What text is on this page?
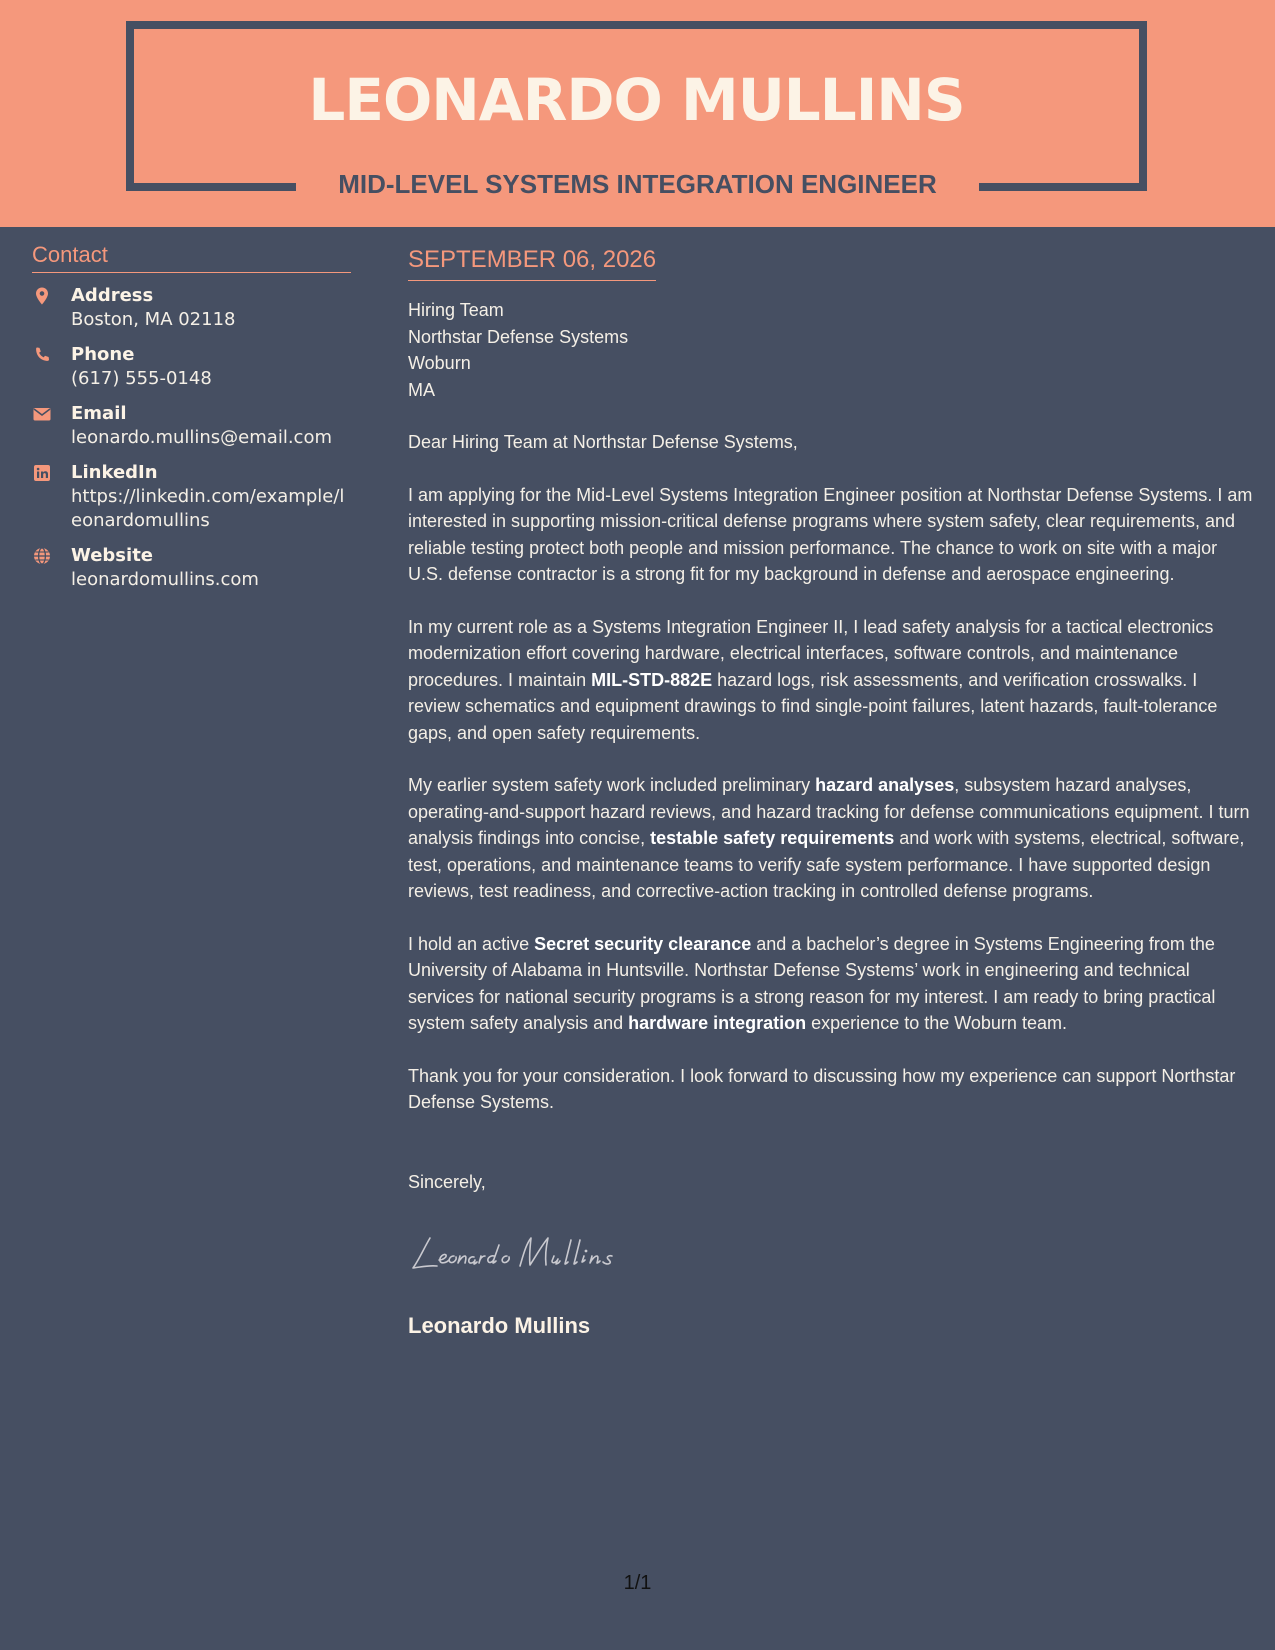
LEONARDO MULLINS
MID-LEVEL SYSTEMS INTEGRATION ENGINEER
Contact
Address
Boston, MA 02118
Phone
(617) 555-0148
Email
leonardo.mullins@email.com
LinkedIn
https://linkedin.com/example/leonardomullins
Website
leonardomullins.com
SEPTEMBER 06, 2026
Hiring Team
Northstar Defense Systems
Woburn
MA

Dear Hiring Team at Northstar Defense Systems,

I am applying for the Mid-Level Systems Integration Engineer position at Northstar Defense Systems. I am interested in supporting mission-critical defense programs where system safety, clear requirements, and reliable testing protect both people and mission performance. The chance to work on site with a major U.S. defense contractor is a strong fit for my background in defense and aerospace engineering.

In my current role as a Systems Integration Engineer II, I lead safety analysis for a tactical electronics modernization effort covering hardware, electrical interfaces, software controls, and maintenance procedures. I maintain MIL-STD-882E hazard logs, risk assessments, and verification crosswalks. I review schematics and equipment drawings to find single-point failures, latent hazards, fault-tolerance gaps, and open safety requirements.

My earlier system safety work included preliminary hazard analyses, subsystem hazard analyses, operating-and-support hazard reviews, and hazard tracking for defense communications equipment. I turn analysis findings into concise, testable safety requirements and work with systems, electrical, software, test, operations, and maintenance teams to verify safe system performance. I have supported design reviews, test readiness, and corrective-action tracking in controlled defense programs.

I hold an active Secret security clearance and a bachelor’s degree in Systems Engineering from the University of Alabama in Huntsville. Northstar Defense Systems’ work in engineering and technical services for national security programs is a strong reason for my interest. I am ready to bring practical system safety analysis and hardware integration experience to the Woburn team.

Thank you for your consideration. I look forward to discussing how my experience can support Northstar Defense Systems.

Sincerely,

Leonardo Mullins
1/1
